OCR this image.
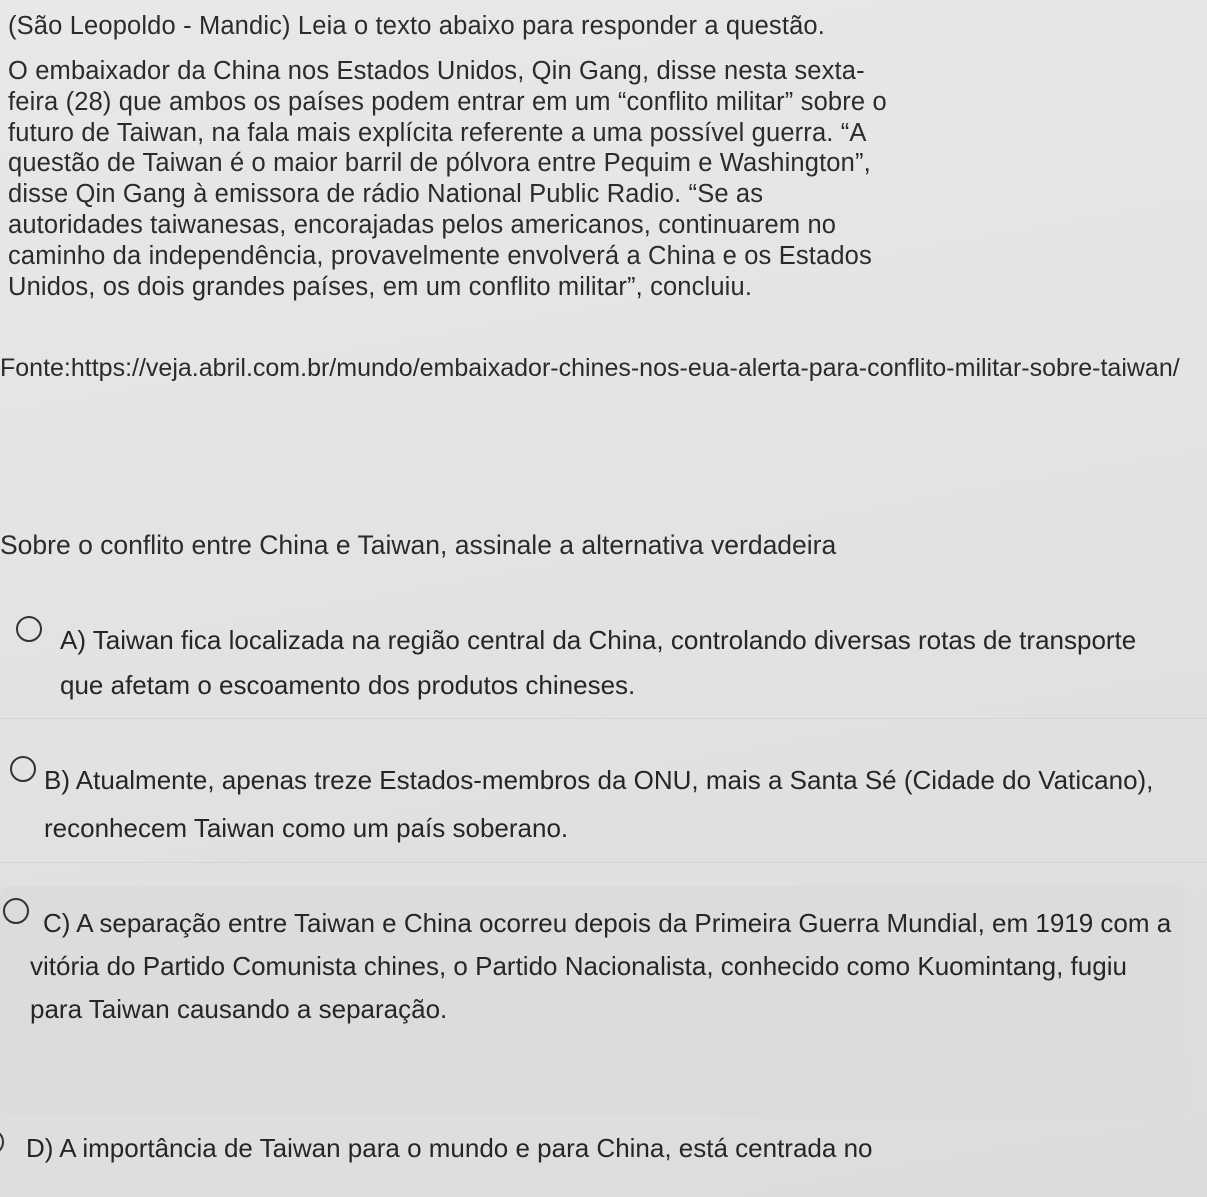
(São Leopoldo - Mandic) Leia o texto abaixo para responder a questão.

O embaixador da China nos Estados Unidos, Qin Gang, disse nesta sexta-
feira (28) que ambos os países podem entrar em um “conflito militar” sobre o
futuro de Taiwan, na fala mais explícita referente a uma possível guerra. “A
questão de Taiwan é o maior barril de pólvora entre Pequim e Washington”,
disse Qin Gang à emissora de rádio National Public Radio. “Se as
autoridades taiwanesas, encorajadas pelos americanos, continuarem no
caminho da independência, provavelmente envolverá a China e os Estados
Unidos, os dois grandes países, em um conflito militar”, concluiu.

Fonte:https://veja.abril.com.br/mundo/embaixador-chines-nos-eua-alerta-para-conflito-militar-sobre-taiwan/
Sobre o conflito entre China e Taiwan, assinale a alternativa verdadeira
A) Taiwan fica localizada na região central da China, controlando diversas rotas de transporte que afetam o escoamento dos produtos chineses.
B) Atualmente, apenas treze Estados-membros da ONU, mais a Santa Sé (Cidade do Vaticano), reconhecem Taiwan como um país soberano.
C) A separação entre Taiwan e China ocorreu depois da Primeira Guerra Mundial, em 1919 com a vitória do Partido Comunista chines, o Partido Nacionalista, conhecido como Kuomintang, fugiu para Taiwan causando a separação.
D) A importância de Taiwan para o mundo e para China, está centrada no
